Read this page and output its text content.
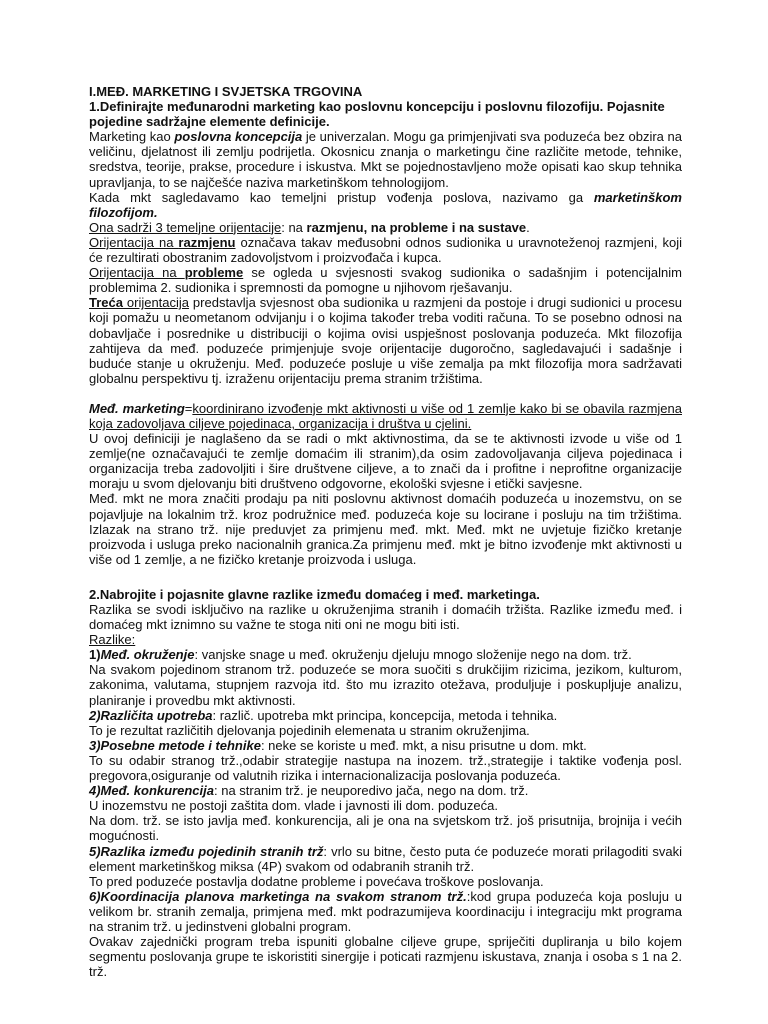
I.MEĐ. MARKETING I SVJETSKA TRGOVINA

1.Definirajte međunarodni marketing kao poslovnu koncepciju i poslovnu filozofiju. Pojasnite pojedine sadržajne elemente definicije.

Marketing kao poslovna koncepcija je univerzalan. Mogu ga primjenjivati sva poduzeća bez obzira na veličinu, djelatnost ili zemlju podrijetla. Okosnicu znanja o marketingu čine različite metode, tehnike, sredstva, teorije, prakse, procedure i iskustva. Mkt se pojednostavljeno može opisati kao skup tehnika upravljanja, to se najčešće naziva marketinškom tehnologijom.

Kada mkt sagledavamo kao temeljni pristup vođenja poslova, nazivamo ga marketinškom filozofijom.

Ona sadrži 3 temeljne orijentacije: na razmjenu, na probleme i na sustave.

Orijentacija na razmjenu označava takav međusobni odnos sudionika u uravnoteženoj razmjeni, koji će rezultirati obostranim zadovoljstvom i proizvođača i kupca.

Orijentacija na probleme se ogleda u svjesnosti svakog sudionika o sadašnjim i potencijalnim problemima 2. sudionika i spremnosti da pomogne u njihovom rješavanju.

Treća orijentacija predstavlja svjesnost oba sudionika u razmjeni da postoje i drugi sudionici u procesu koji pomažu u neometanom odvijanju i o kojima također treba voditi računa. To se posebno odnosi na dobavljače i posrednike u distribuciji o kojima ovisi uspješnost poslovanja poduzeća. Mkt filozofija zahtijeva da međ. poduzeće primjenjuje svoje orijentacije dugoročno, sagledavajući i sadašnje i buduće stanje u okruženju. Međ. poduzeće posluje u više zemalja pa mkt filozofija mora sadržavati globalnu perspektivu tj. izraženu orijentaciju prema stranim tržištima.

Međ. marketing=koordinirano izvođenje mkt aktivnosti u više od 1 zemlje kako bi se obavila razmjena koja zadovoljava ciljeve pojedinaca, organizacija i društva u cjelini.

U ovoj definiciji je naglašeno da se radi o mkt aktivnostima, da se te aktivnosti izvode u više od 1 zemlje(ne označavajući te zemlje domaćim ili stranim),da osim zadovoljavanja ciljeva pojedinaca i organizacija treba zadovoljiti i šire društvene ciljeve, a to znači da i profitne i neprofitne organizacije moraju u svom djelovanju biti društveno odgovorne, ekološki svjesne i etički savjesne.

Međ. mkt ne mora značiti prodaju pa niti poslovnu aktivnost domaćih poduzeća u inozemstvu, on se pojavljuje na lokalnim trž. kroz podružnice međ. poduzeća koje su locirane i posluju na tim tržištima. Izlazak na strano trž. nije preduvjet za primjenu međ. mkt. Međ. mkt ne uvjetuje fizičko kretanje proizvoda i usluga preko nacionalnih granica.Za primjenu međ. mkt je bitno izvođenje mkt aktivnosti u više od 1 zemlje, a ne fizičko kretanje proizvoda i usluga.

2.Nabrojite i pojasnite glavne razlike između domaćeg i međ. marketinga.

Razlika se svodi isključivo na razlike u okruženjima stranih i domaćih tržišta. Razlike između međ. i domaćeg mkt iznimno su važne te stoga niti oni ne mogu biti isti.

Razlike:

1)Međ. okruženje: vanjske snage u međ. okruženju djeluju mnogo složenije nego na dom. trž.

Na svakom pojedinom stranom trž. poduzeće se mora suočiti s drukčijim rizicima, jezikom, kulturom, zakonima, valutama, stupnjem razvoja itd. što mu izrazito otežava, produljuje i poskupljuje analizu, planiranje i provedbu mkt aktivnosti.

2)Različita upotreba: različ. upotreba mkt principa, koncepcija, metoda i tehnika.

To je rezultat različitih djelovanja pojedinih elemenata u stranim okruženjima.

3)Posebne metode i tehnike: neke se koriste u međ. mkt, a nisu prisutne u dom. mkt.

To su odabir stranog trž.,odabir strategije nastupa na inozem. trž.,strategije i taktike vođenja posl. pregovora,osiguranje od valutnih rizika i internacionalizacija poslovanja poduzeća.

4)Međ. konkurencija: na stranim trž. je neuporedivo jača, nego na dom. trž.

U inozemstvu ne postoji zaštita dom. vlade i javnosti ili dom. poduzeća.

Na dom. trž. se isto javlja međ. konkurencija, ali je ona na svjetskom trž. još prisutnija, brojnija i većih mogućnosti.

5)Razlika između pojedinih stranih trž: vrlo su bitne, često puta će poduzeće morati prilagoditi svaki element marketinškog miksa (4P) svakom od odabranih stranih trž.

To pred poduzeće postavlja dodatne probleme i povećava troškove poslovanja.

6)Koordinacija planova marketinga na svakom stranom trž.:kod grupa poduzeća koja posluju u velikom br. stranih zemalja, primjena međ. mkt podrazumijeva koordinaciju i integraciju mkt programa na stranim trž. u jedinstveni globalni program.

Ovakav zajednički program treba ispuniti globalne ciljeve grupe, spriječiti dupliranja u bilo kojem segmentu poslovanja grupe te iskoristiti sinergije i poticati razmjenu iskustava, znanja i osoba s 1 na 2. trž.
